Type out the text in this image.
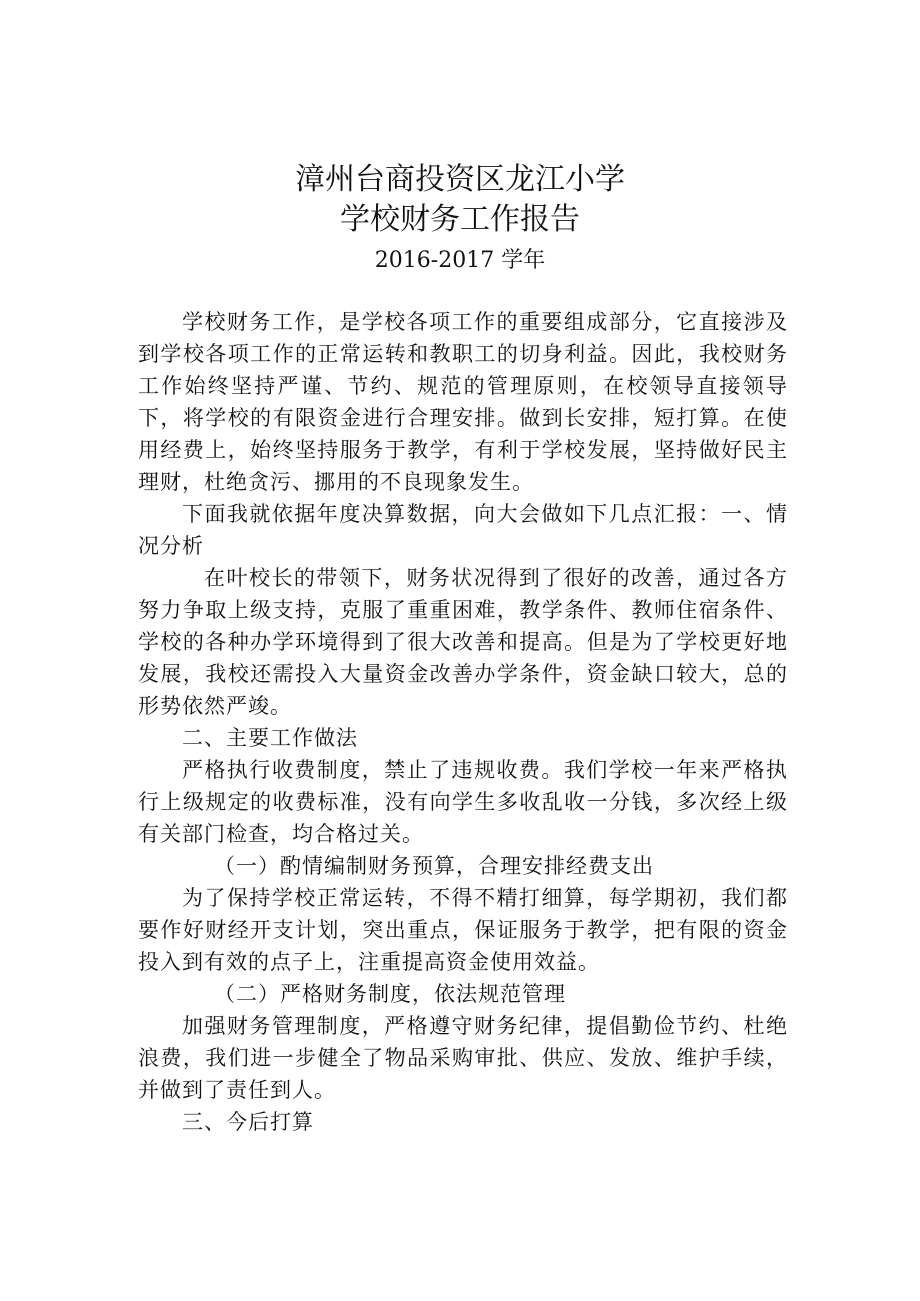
漳州台商投资区龙江小学
学校财务工作报告
2016-2017 学年

学校财务工作，是学校各项工作的重要组成部分，它直接涉及到学校各项工作的正常运转和教职工的切身利益。因此，我校财务工作始终坚持严谨、节约、规范的管理原则，在校领导直接领导下，将学校的有限资金进行合理安排。做到长安排，短打算。在使用经费上，始终坚持服务于教学，有利于学校发展，坚持做好民主理财，杜绝贪污、挪用的不良现象发生。

下面我就依据年度决算数据，向大会做如下几点汇报：一、情况分析

在叶校长的带领下，财务状况得到了很好的改善，通过各方努力争取上级支持，克服了重重困难，教学条件、教师住宿条件、学校的各种办学环境得到了很大改善和提高。但是为了学校更好地发展，我校还需投入大量资金改善办学条件，资金缺口较大，总的形势依然严竣。

二、主要工作做法

严格执行收费制度，禁止了违规收费。我们学校一年来严格执行上级规定的收费标准，没有向学生多收乱收一分钱，多次经上级有关部门检查，均合格过关。

（一）酌情编制财务预算，合理安排经费支出

为了保持学校正常运转，不得不精打细算，每学期初，我们都要作好财经开支计划，突出重点，保证服务于教学，把有限的资金投入到有效的点子上，注重提高资金使用效益。

（二）严格财务制度，依法规范管理

加强财务管理制度，严格遵守财务纪律，提倡勤俭节约、杜绝浪费，我们进一步健全了物品采购审批、供应、发放、维护手续，并做到了责任到人。

三、今后打算
